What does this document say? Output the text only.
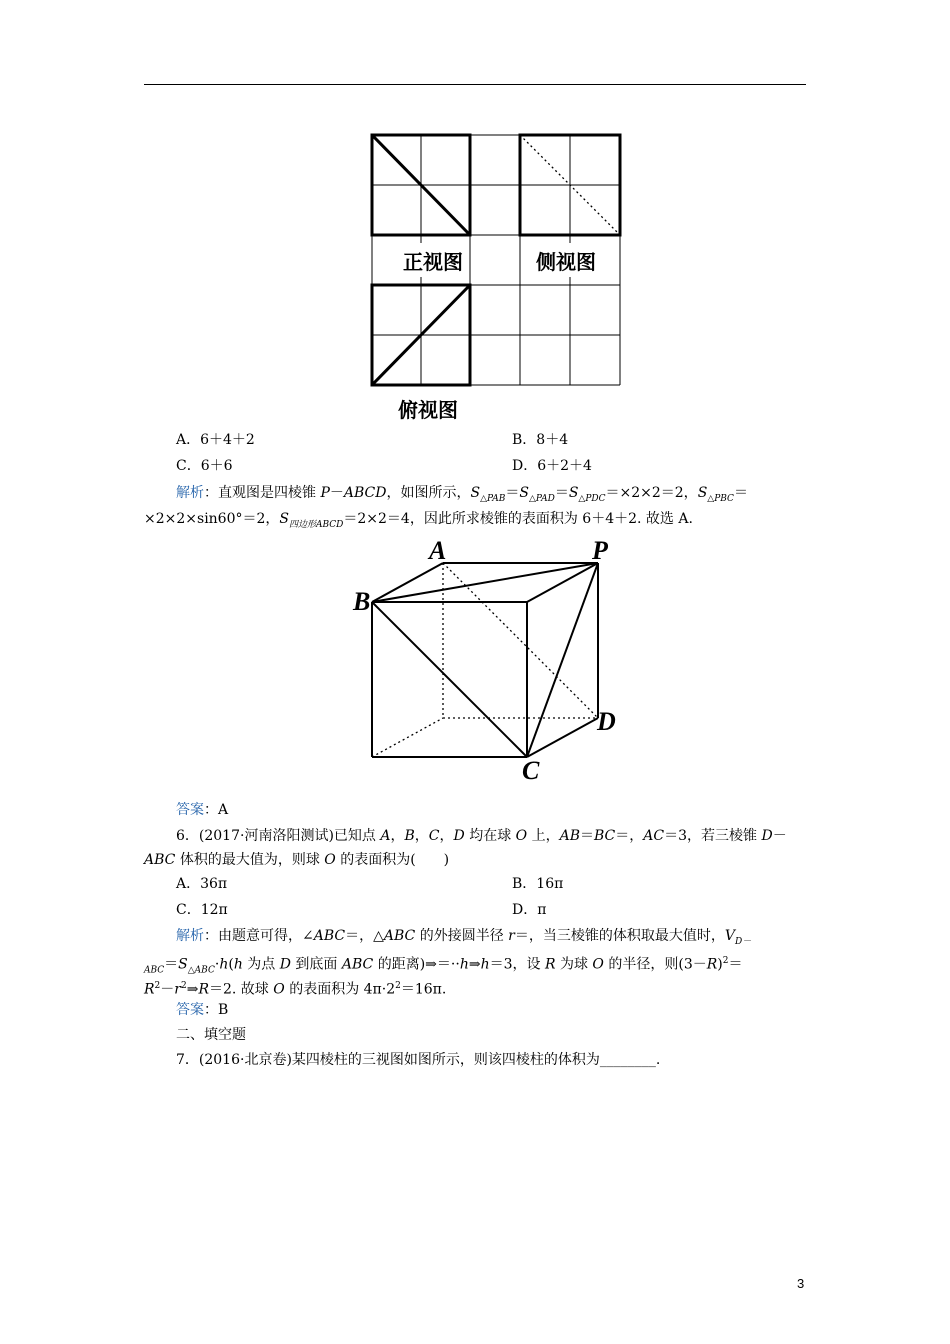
正视图	侧视图
俯视图
A．6＋4＋2	B．8＋4
C．6＋6	D．6＋2＋4
解析：直观图是四棱锥 P－ABCD，如图所示，$S_{\triangle PAB}=S_{\triangle PAD}=S_{\triangle PDC}=\times 2\times 2=2$，$S_{\triangle PBC}=$
×2×2×sin60°＝2，$S_{四边形ABCD}=2\times 2=4$，因此所求棱锥的表面积为 6＋4＋2. 故选 A.
A	P
B
D
C
答案：A
6．(2017·河南洛阳测试)已知点 A，B，C，D 均在球 O 上，AB＝BC＝，AC＝3，若三棱锥 D－
ABC 体积的最大值为，则球 O 的表面积为(　　)
A．36π	B．16π
C．12π	D．π
解析：由题意可得，∠ABC＝，△ABC 的外接圆半径 r＝，当三棱锥的体积取最大值时，$V_{D-}$
$_{ABC}=S_{\triangle ABC}\cdot h(h$ 为点 D 到底面 ABC 的距离)⇒＝··h⇒h＝3，设 R 为球 O 的半径，则$(3-R)^2=$
$R^2-r^2\Rightarrow R=2$. 故球 O 的表面积为 $4\pi\cdot 2^2=16\pi$.
答案：B
二、填空题
7．(2016·北京卷)某四棱柱的三视图如图所示，则该四棱柱的体积为________.
3
